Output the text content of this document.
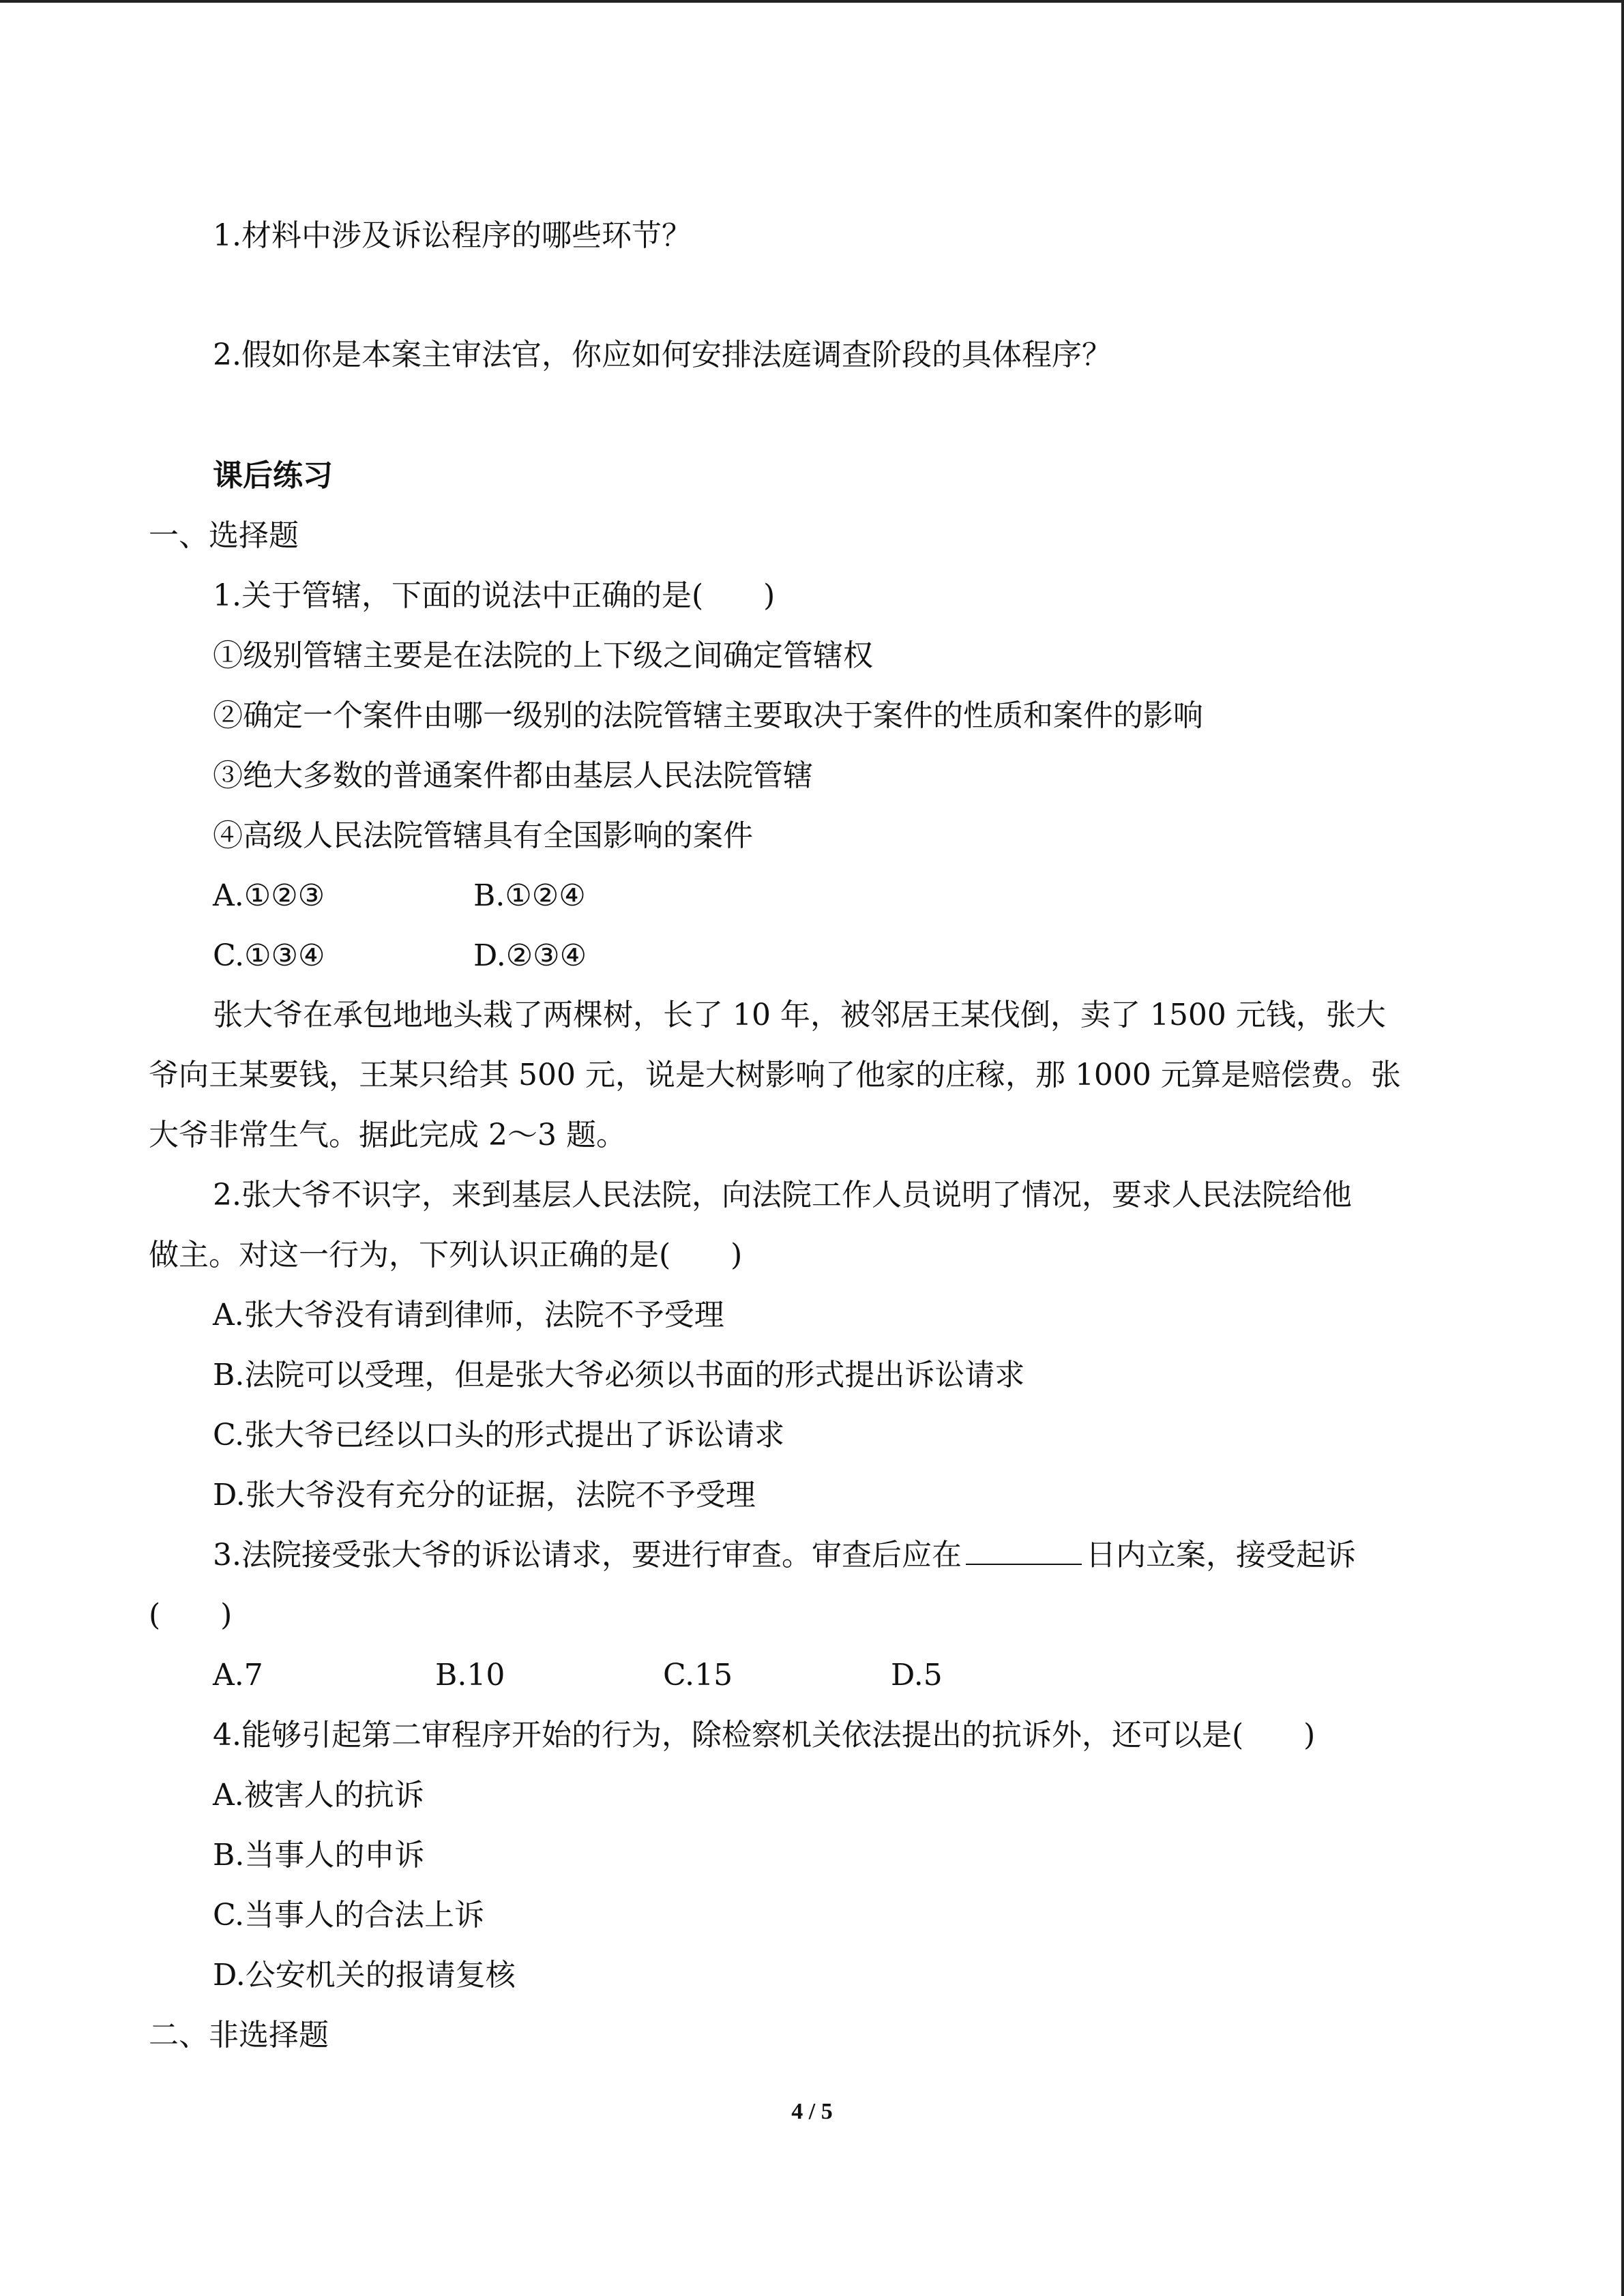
1.材料中涉及诉讼程序的哪些环节？
2.假如你是本案主审法官，你应如何安排法庭调查阶段的具体程序？
课后练习
一、选择题
1.关于管辖，下面的说法中正确的是(　　)
①级别管辖主要是在法院的上下级之间确定管辖权
②确定一个案件由哪一级别的法院管辖主要取决于案件的性质和案件的影响
③绝大多数的普通案件都由基层人民法院管辖
④高级人民法院管辖具有全国影响的案件
A.①②③	B.①②④
C.①③④	D.②③④
张大爷在承包地地头栽了两棵树，长了 10 年，被邻居王某伐倒，卖了 1500 元钱，张大
爷向王某要钱，王某只给其 500 元，说是大树影响了他家的庄稼，那 1000 元算是赔偿费。张
大爷非常生气。据此完成 2～3 题。
2.张大爷不识字，来到基层人民法院，向法院工作人员说明了情况，要求人民法院给他
做主。对这一行为，下列认识正确的是(　　)
A.张大爷没有请到律师，法院不予受理
B.法院可以受理，但是张大爷必须以书面的形式提出诉讼请求
C.张大爷已经以口头的形式提出了诉讼请求
D.张大爷没有充分的证据，法院不予受理
3.法院接受张大爷的诉讼请求，要进行审查。审查后应在	日内立案，接受起诉
(　　)
A.7	B.10	C.15	D.5
4.能够引起第二审程序开始的行为，除检察机关依法提出的抗诉外，还可以是(　　)
A.被害人的抗诉
B.当事人的申诉
C.当事人的合法上诉
D.公安机关的报请复核
二、非选择题
4 / 5
